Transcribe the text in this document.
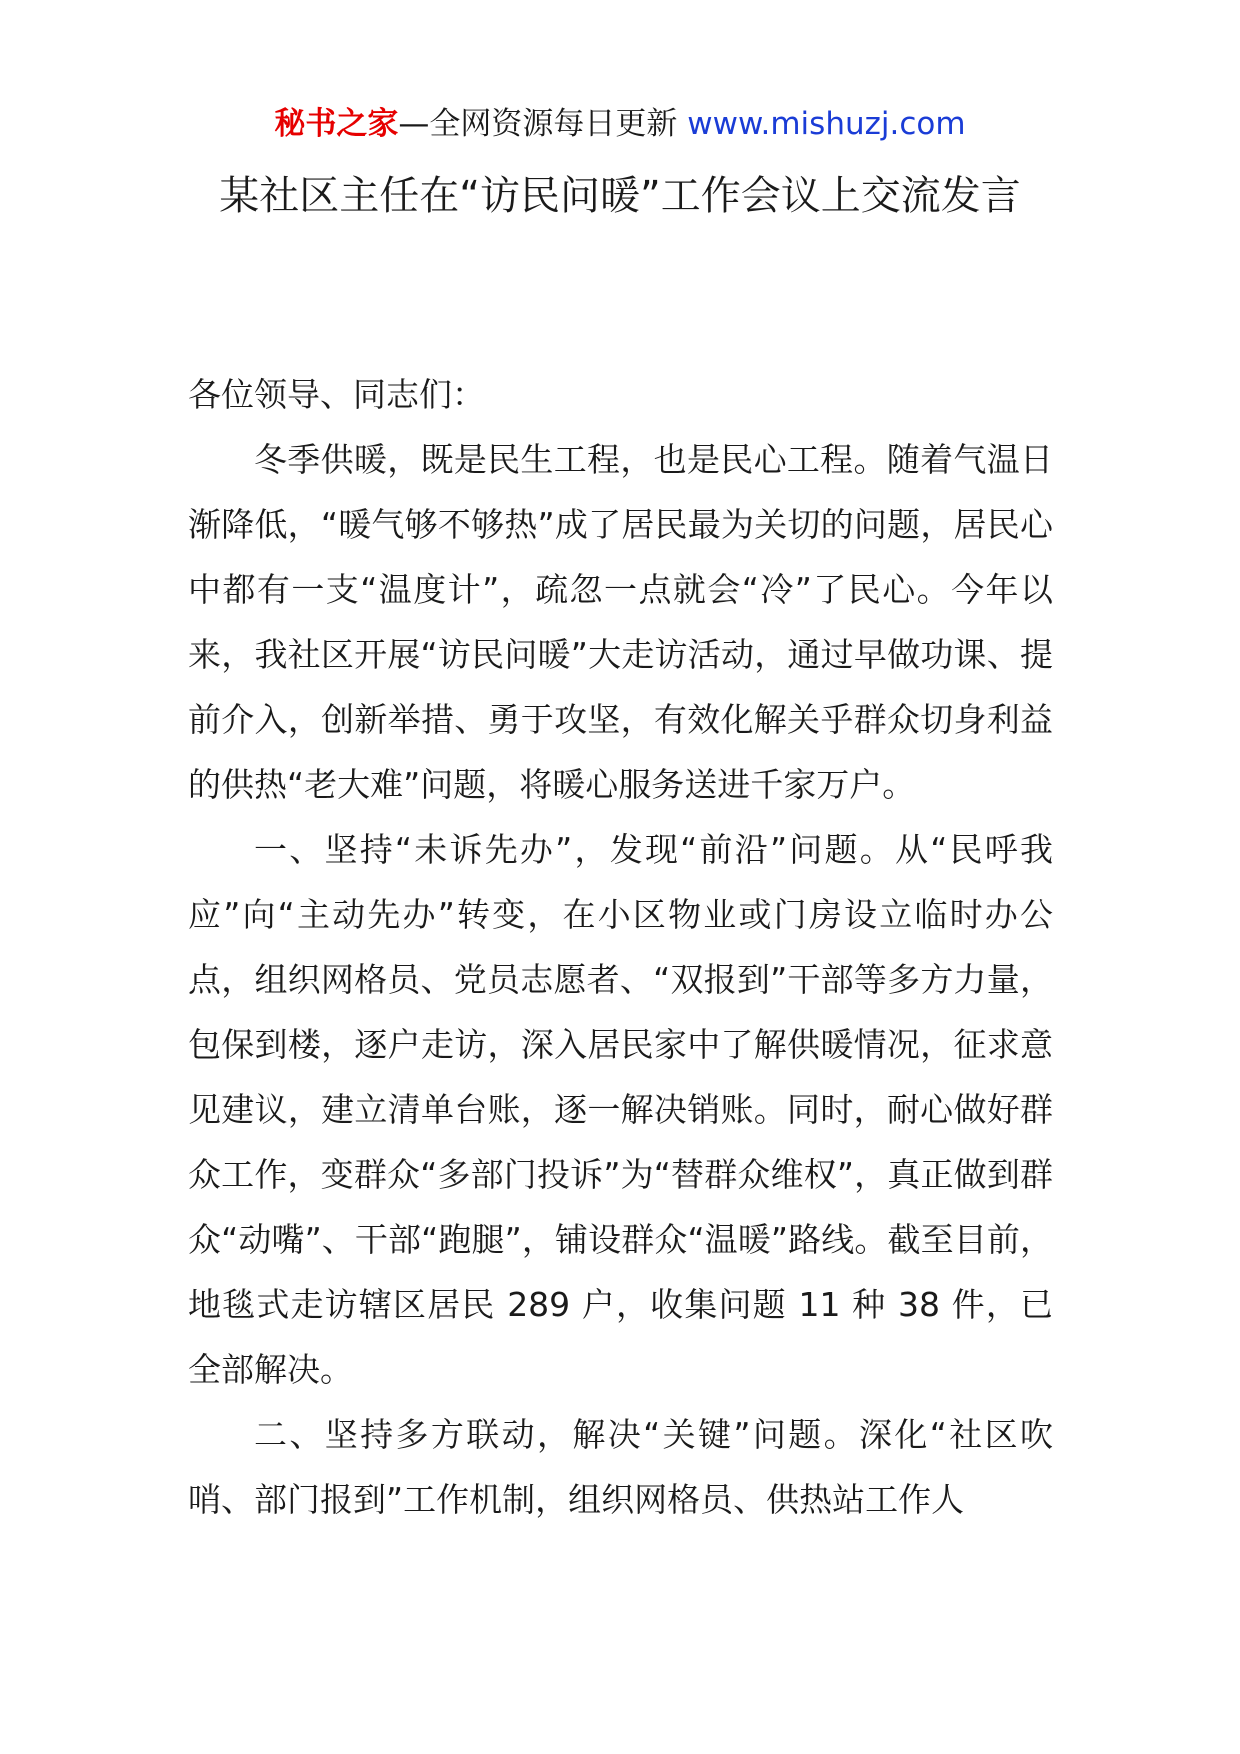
秘书之家—全网资源每日更新 www.mishuzj.com
某社区主任在“访民问暖”工作会议上交流发言

各位领导、同志们：

冬季供暖，既是民生工程，也是民心工程。随着气温日渐降低，“暖气够不够热”成了居民最为关切的问题，居民心中都有一支“温度计”，疏忽一点就会“冷”了民心。今年以来，我社区开展“访民问暖”大走访活动，通过早做功课、提前介入，创新举措、勇于攻坚，有效化解关乎群众切身利益的供热“老大难”问题，将暖心服务送进千家万户。

一、坚持“未诉先办”，发现“前沿”问题。从“民呼我应”向“主动先办”转变，在小区物业或门房设立临时办公点，组织网格员、党员志愿者、“双报到”干部等多方力量，包保到楼，逐户走访，深入居民家中了解供暖情况，征求意见建议，建立清单台账，逐一解决销账。同时，耐心做好群众工作，变群众“多部门投诉”为“替群众维权”，真正做到群众“动嘴”、干部“跑腿”，铺设群众“温暖”路线。截至目前，地毯式走访辖区居民 289 户，收集问题 11 种 38 件，已全部解决。

二、坚持多方联动，解决“关键”问题。深化“社区吹哨、部门报到”工作机制，组织网格员、供热站工作人
